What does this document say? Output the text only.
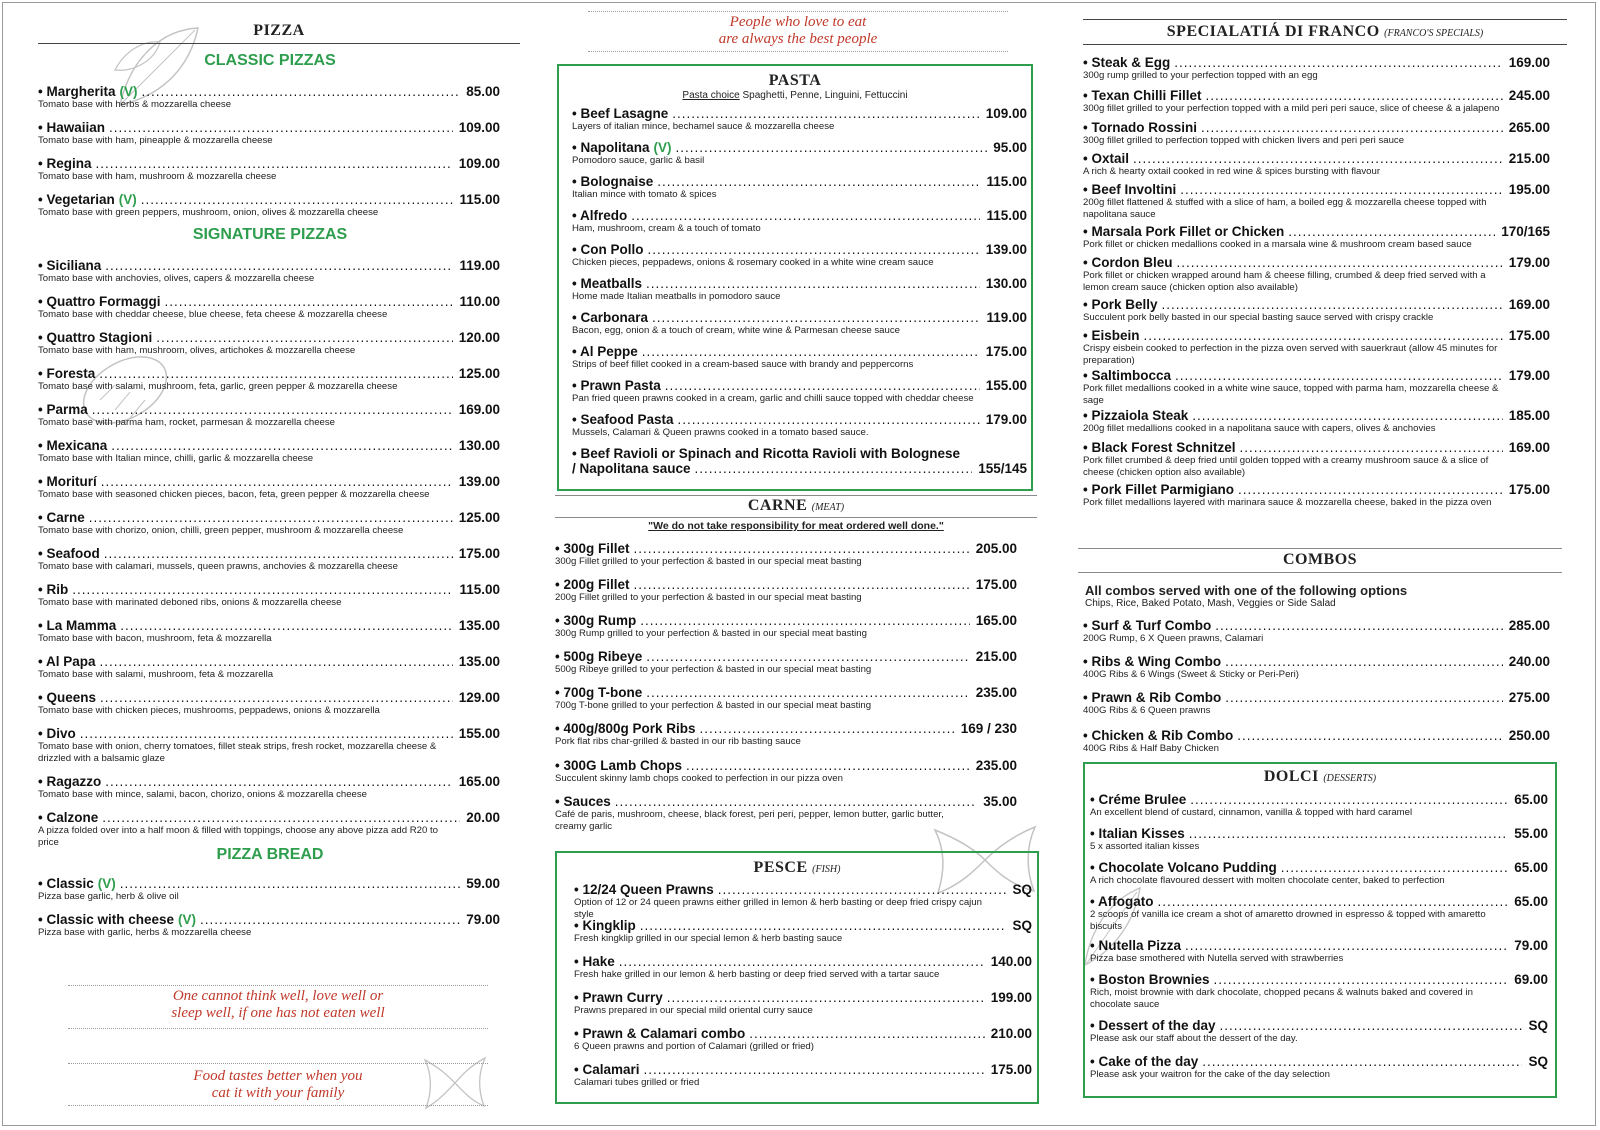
PIZZA
CLASSIC PIZZAS
• Margherita (V) .....	85.00
Tomato base with herbs & mozzarella cheese
• Hawaiian .....	109.00
Tomato base with ham, pineapple & mozzarella cheese
• Regina .....	109.00
Tomato base with ham, mushroom & mozzarella cheese
• Vegetarian (V) .....	115.00
Tomato base with green peppers, mushroom, onion, olives & mozzarella cheese
SIGNATURE PIZZAS
• Siciliana .....	119.00
Tomato base with anchovies, olives, capers & mozzarella cheese
• Quattro Formaggi .....	110.00
Tomato base with cheddar cheese, blue cheese, feta cheese & mozzarella cheese
• Quattro Stagioni .....	120.00
Tomato base with ham, mushroom, olives, artichokes & mozzarella cheese
• Foresta .....	125.00
Tomato base with salami, mushroom, feta, garlic, green pepper & mozzarella cheese
• Parma .....	169.00
Tomato base with parma ham, rocket, parmesan & mozzarella cheese
• Mexicana .....	130.00
Tomato base with Italian mince, chilli, garlic & mozzarella cheese
• Moriturí .....	139.00
Tomato base with seasoned chicken pieces, bacon, feta, green pepper & mozzarella cheese
• Carne .....	125.00
Tomato base with chorizo, onion, chilli, green pepper, mushroom & mozzarella cheese
• Seafood .....	175.00
Tomato base with calamari, mussels, queen prawns, anchovies & mozzarella cheese
• Rib .....	115.00
Tomato base with marinated deboned ribs, onions & mozzarella cheese
• La Mamma .....	135.00
Tomato base with bacon, mushroom, feta & mozzarella
• Al Papa .....	135.00
Tomato base with salami, mushroom, feta & mozzarella
• Queens .....	129.00
Tomato base with chicken pieces, mushrooms, peppadews, onions & mozzarella
• Divo .....	155.00
Tomato base with onion, cherry tomatoes, fillet steak strips, fresh rocket, mozzarella cheese & drizzled with a balsamic glaze
• Ragazzo .....	165.00
Tomato base with mince, salami, bacon, chorizo, onions & mozzarella cheese
• Calzone .....	20.00
A pizza folded over into a half moon & filled with toppings, choose any above pizza add R20 to price
PIZZA BREAD
• Classic (V) .....	59.00
Pizza base garlic, herb & olive oil
• Classic with cheese (V) .....	79.00
Pizza base with garlic, herbs & mozzarella cheese
One cannot think well, love well or
sleep well, if one has not eaten well
Food tastes better when you
cat it with your family
People who love to eat
are always the best people
PASTA
Pasta choice Spaghetti, Penne, Linguini, Fettuccini
• Beef Lasagne .....	109.00
Layers of italian mince, bechamel sauce & mozzarella cheese
• Napolitana (V) .....	95.00
Pomodoro sauce, garlic & basil
• Bolognaise .....	115.00
Italian mince with tomato & spices
• Alfredo .....	115.00
Ham, mushroom, cream & a touch of tomato
• Con Pollo .....	139.00
Chicken pieces, peppadews, onions & rosemary cooked in a white wine cream sauce
• Meatballs .....	130.00
Home made Italian meatballs in pomodoro sauce
• Carbonara .....	119.00
Bacon, egg, onion & a touch of cream, white wine & Parmesan cheese sauce
• Al Peppe .....	175.00
Strips of beef fillet cooked in a cream-based sauce with brandy and peppercorns
• Prawn Pasta .....	155.00
Pan fried queen prawns cooked in a cream, garlic and chilli sauce topped with cheddar cheese
• Seafood Pasta .....	179.00
Mussels, Calamari & Queen prawns cooked in a tomato based sauce.
• Beef Ravioli or Spinach and Ricotta Ravioli with Bolognese
/ Napolitana sauce .....	155/145
CARNE (MEAT)
"We do not take responsibility for meat ordered well done."
• 300g Fillet .....	205.00
300g Fillet grilled to your perfection & basted in our special meat basting
• 200g Fillet .....	175.00
200g Fillet grilled to your perfection & basted in our special meat basting
• 300g Rump .....	165.00
300g Rump grilled to your perfection & basted in our special meat basting
• 500g Ribeye .....	215.00
500g Ribeye grilled to your perfection & basted in our special meat basting
• 700g T-bone .....	235.00
700g T-bone grilled to your perfection & basted in our special meat basting
• 400g/800g Pork Ribs .....	169 / 230
Pork flat ribs char-grilled & basted in our rib basting sauce
• 300G Lamb Chops .....	235.00
Succulent skinny lamb chops cooked to perfection in our pizza oven
• Sauces .....	35.00
Café de paris, mushroom, cheese, black forest, peri peri, pepper, lemon butter, garlic butter, creamy garlic
PESCE (FISH)
• 12/24 Queen Prawns .....	SQ
Option of 12 or 24 queen prawns either grilled in lemon & herb basting or deep fried crispy cajun style
• Kingklip .....	SQ
Fresh kingklip grilled in our special lemon & herb basting sauce
• Hake .....	140.00
Fresh hake grilled in our lemon & herb basting or deep fried served with a tartar sauce
• Prawn Curry .....	199.00
Prawns prepared in our special mild oriental curry sauce
• Prawn & Calamari combo .....	210.00
6 Queen prawns and portion of Calamari (grilled or fried)
• Calamari .....	175.00
Calamari tubes grilled or fried
SPECIALATIÁ DI FRANCO (FRANCO'S SPECIALS)
• Steak & Egg .....	169.00
300g rump grilled to your perfection topped with an egg
• Texan Chilli Fillet .....	245.00
300g fillet grilled to your perfection topped with a mild peri peri sauce, slice of cheese & a jalapeno
• Tornado Rossini .....	265.00
300g fillet grilled to perfection topped with chicken livers and peri peri sauce
• Oxtail .....	215.00
A rich & hearty oxtail cooked in red wine & spices bursting with flavour
• Beef Involtini .....	195.00
200g fillet flattened & stuffed with a slice of ham, a boiled egg & mozzarella cheese topped with napolitana sauce
• Marsala Pork Fillet or Chicken .....	170/165
Pork fillet or chicken medallions cooked in a marsala wine & mushroom cream based sauce
• Cordon Bleu .....	179.00
Pork fillet or chicken wrapped around ham & cheese filling, crumbed & deep fried served with a lemon cream sauce (chicken option also available)
• Pork Belly .....	169.00
Succulent pork belly basted in our special basting sauce served with crispy crackle
• Eisbein .....	175.00
Crispy eisbein cooked to perfection in the pizza oven served with sauerkraut (allow 45 minutes for preparation)
• Saltimbocca .....	179.00
Pork fillet medallions cooked in a white wine sauce, topped with parma ham, mozzarella cheese & sage
• Pizzaiola Steak .....	185.00
200g fillet medallions cooked in a napolitana sauce with capers, olives & anchovies
• Black Forest Schnitzel .....	169.00
Pork fillet crumbed & deep fried until golden topped with a creamy mushroom sauce & a slice of cheese (chicken option also available)
• Pork Fillet Parmigiano .....	175.00
Pork fillet medallions layered with marinara sauce & mozzarella cheese, baked in the pizza oven
COMBOS
All combos served with one of the following options
Chips, Rice, Baked Potato, Mash, Veggies or Side Salad
• Surf & Turf Combo .....	285.00
200G Rump, 6 X Queen prawns, Calamari
• Ribs & Wing Combo .....	240.00
400G Ribs & 6 Wings (Sweet & Sticky or Peri-Peri)
• Prawn & Rib Combo .....	275.00
400G Ribs & 6 Queen prawns
• Chicken & Rib Combo .....	250.00
400G Ribs & Half Baby Chicken
DOLCI (DESSERTS)
• Créme Brulee .....	65.00
An excellent blend of custard, cinnamon, vanilla & topped with hard caramel
• Italian Kisses .....	55.00
5 x assorted italian kisses
• Chocolate Volcano Pudding .....	65.00
A rich chocolate flavoured dessert with molten chocolate center, baked to perfection
• Affogato .....	65.00
2 scoops of vanilla ice cream a shot of amaretto drowned in espresso & topped with amaretto biscuits
• Nutella Pizza .....	79.00
Pizza base smothered with Nutella served with strawberries
• Boston Brownies .....	69.00
Rich, moist brownie with dark chocolate, chopped pecans & walnuts baked and covered in chocolate sauce
• Dessert of the day .....	SQ
Please ask our staff about the dessert of the day.
• Cake of the day .....	SQ
Please ask your waitron for the cake of the day selection
